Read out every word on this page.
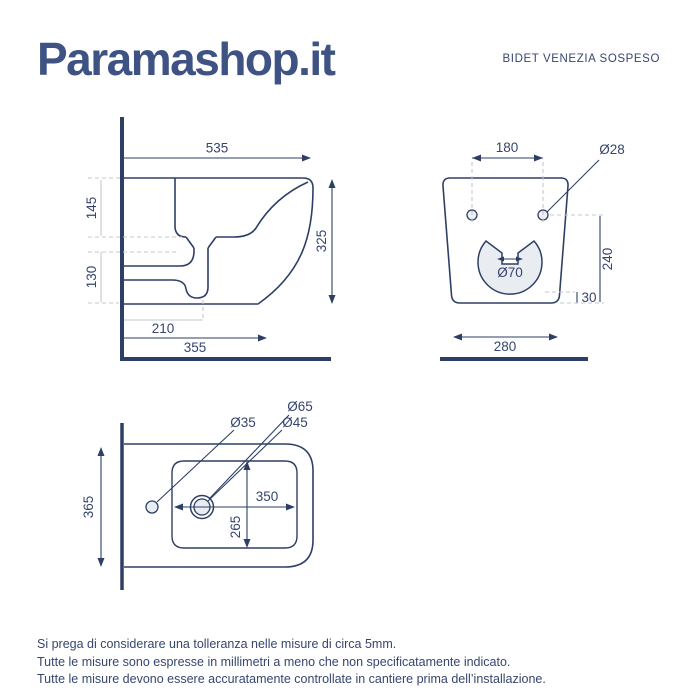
Paramashop.it	BIDET VENEZIA SOSPESO
535
145
130
325
210
355
180	Ø28
Ø70
240
30
280
Ø65
Ø35 Ø45
365	350
265

Si prega di considerare una tolleranza nelle misure di circa 5mm.

Tutte le misure sono espresse in millimetri a meno che non specificatamente indicato.

Tutte le misure devono essere accuratamente controllate in cantiere prima dell’installazione.
